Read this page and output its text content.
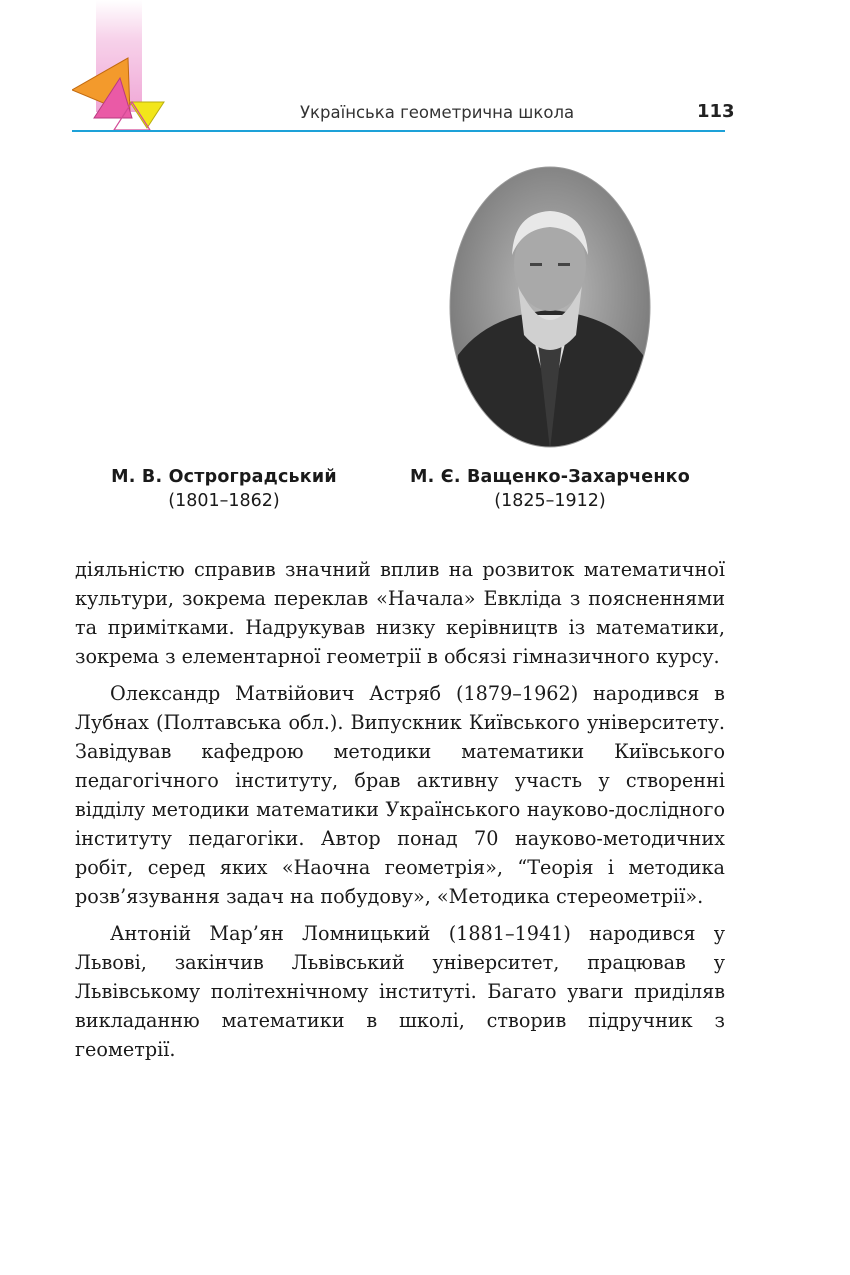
Українська геометрична школа	113
М. В. Остроградський
(1801–1862)
М. Є. Ващенко-Захарченко
(1825–1912)

діяльністю справив значний вплив на розвиток математичної культури, зокрема переклав «Начала» Евкліда з поясненнями та примітками. Надрукував низку керівництв із математики, зокрема з елементарної геометрії в обсязі гімназичного курсу.

Олександр Матвійович Астряб (1879–1962) народився в Лубнах (Полтавська обл.). Випускник Київського університету. Завідував кафедрою методики математики Київського педагогічного інституту, брав активну участь у створенні відділу методики математики Українського науково-дослідного інституту педагогіки. Автор понад 70 науково-методичних робіт, серед яких «Наочна геометрія», “Теорія і методика розв’язування задач на побудову», «Методика стереометрії».

Антоній Мар’ян Ломницький (1881–1941) народився у Львові, закінчив Львівський університет, працював у Львівському політехнічному інституті. Багато уваги приділяв викладанню математики в школі, створив підручник з геометрії.
